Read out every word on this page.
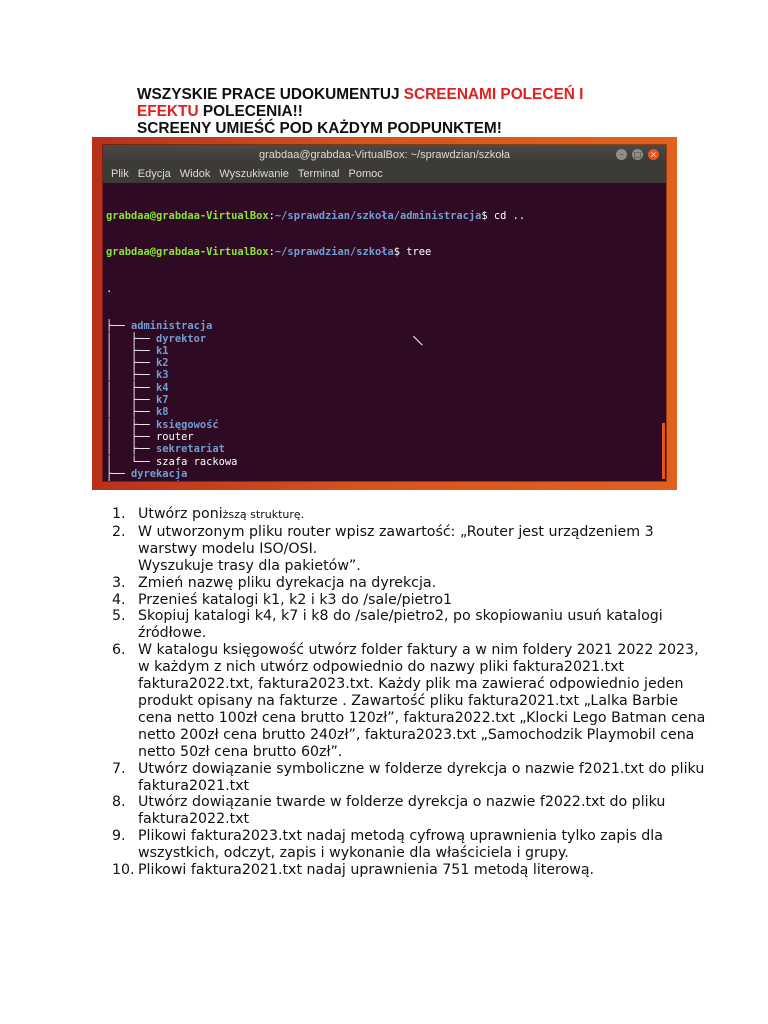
WSZYSKIE PRACE UDOKUMENTUJ SCREENAMI POLECEŃ I EFEKTU POLECENIA!!
SCREENY UMIEŚĆ POD KAŻDYM PODPUNKTEM!

grabdaa@grabdaa-VirtualBox: ~/sprawdzian/szkoła	–	□ ×
Plik Edycja Widok Wyszukiwanie Terminal Pomoc

grabdaa@grabdaa-VirtualBox:~/sprawdzian/szkoła/administracja$ cd ..

grabdaa@grabdaa-VirtualBox:~/sprawdzian/szkoła$ tree

.

├── administracja
│   ├── dyrektor
│   ├── k1
│   ├── k2
│   ├── k3
│   ├── k4
│   ├── k7
│   ├── k8
│   ├── księgowość
│   ├── router
│   ├── sekretariat
│   └── szafa rackowa
├── dyrekacja

\
1. Utwórz poniższą strukturę.
2. W utworzonym pliku router wpisz zawartość: „Router jest urządzeniem 3 warstwy modelu ISO/OSI.
Wyszukuje trasy dla pakietów”.
3. Zmień nazwę pliku dyrekacja na dyrekcja.
4. Przenieś katalogi k1, k2 i k3 do /sale/pietro1
5. Skopiuj katalogi k4, k7 i k8 do /sale/pietro2, po skopiowaniu usuń katalogi źródłowe.
6. W katalogu księgowość utwórz folder faktury a w nim foldery 2021 2022 2023, w każdym z nich utwórz odpowiednio do nazwy pliki faktura2021.txt faktura2022.txt, faktura2023.txt. Każdy plik ma zawierać odpowiednio jeden produkt opisany na fakturze . Zawartość pliku faktura2021.txt „Lalka Barbie cena netto 100zł cena brutto 120zł”, faktura2022.txt „Klocki Lego Batman cena netto 200zł cena brutto 240zł”, faktura2023.txt „Samochodzik Playmobil cena netto 50zł cena brutto 60zł”.
7. Utwórz dowiązanie symboliczne w folderze dyrekcja o nazwie f2021.txt do pliku faktura2021.txt
8. Utwórz dowiązanie twarde w folderze dyrekcja o nazwie f2022.txt do pliku faktura2022.txt
9. Plikowi faktura2023.txt nadaj metodą cyfrową uprawnienia tylko zapis dla wszystkich, odczyt, zapis i wykonanie dla właściciela i grupy.
10. Plikowi faktura2021.txt nadaj uprawnienia 751 metodą literową.
